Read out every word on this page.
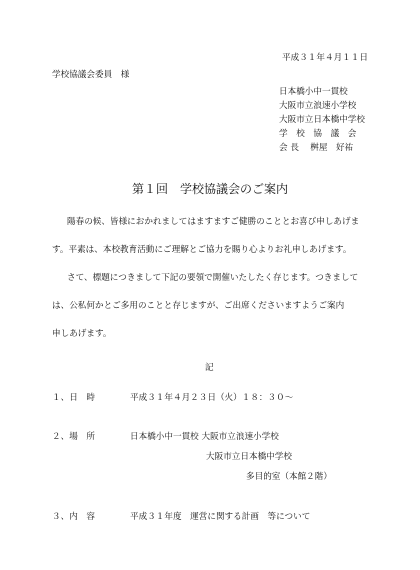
平成３１年４月１１日
学校協議会委員　様
日本橋小中一貫校
大阪市立浪速小学校
大阪市立日本橋中学校
学　校　協　議　会
会 長　 桝屋　好祐
第１回　学校協議会のご案内
陽春の候、皆様におかれましてはますますご健勝のこととお喜び申しあげま
す。平素は、本校教育活動にご理解とご協力を賜り心よりお礼申しあげます。
さて、標題につきまして下記の要領で開催いたしたく存じます。つきまして
は、公私何かとご多用のことと存じますが、ご出席くださいますようご案内
申しあげます。
記
１、日　時	平成３１年４月２３日（火）１８：３０～
２、場　所	日本橋小中一貫校 大阪市立浪速小学校
大阪市立日本橋中学校
多目的室（本館２階）
３、内　容	平成３１年度　運営に関する計画　等について
